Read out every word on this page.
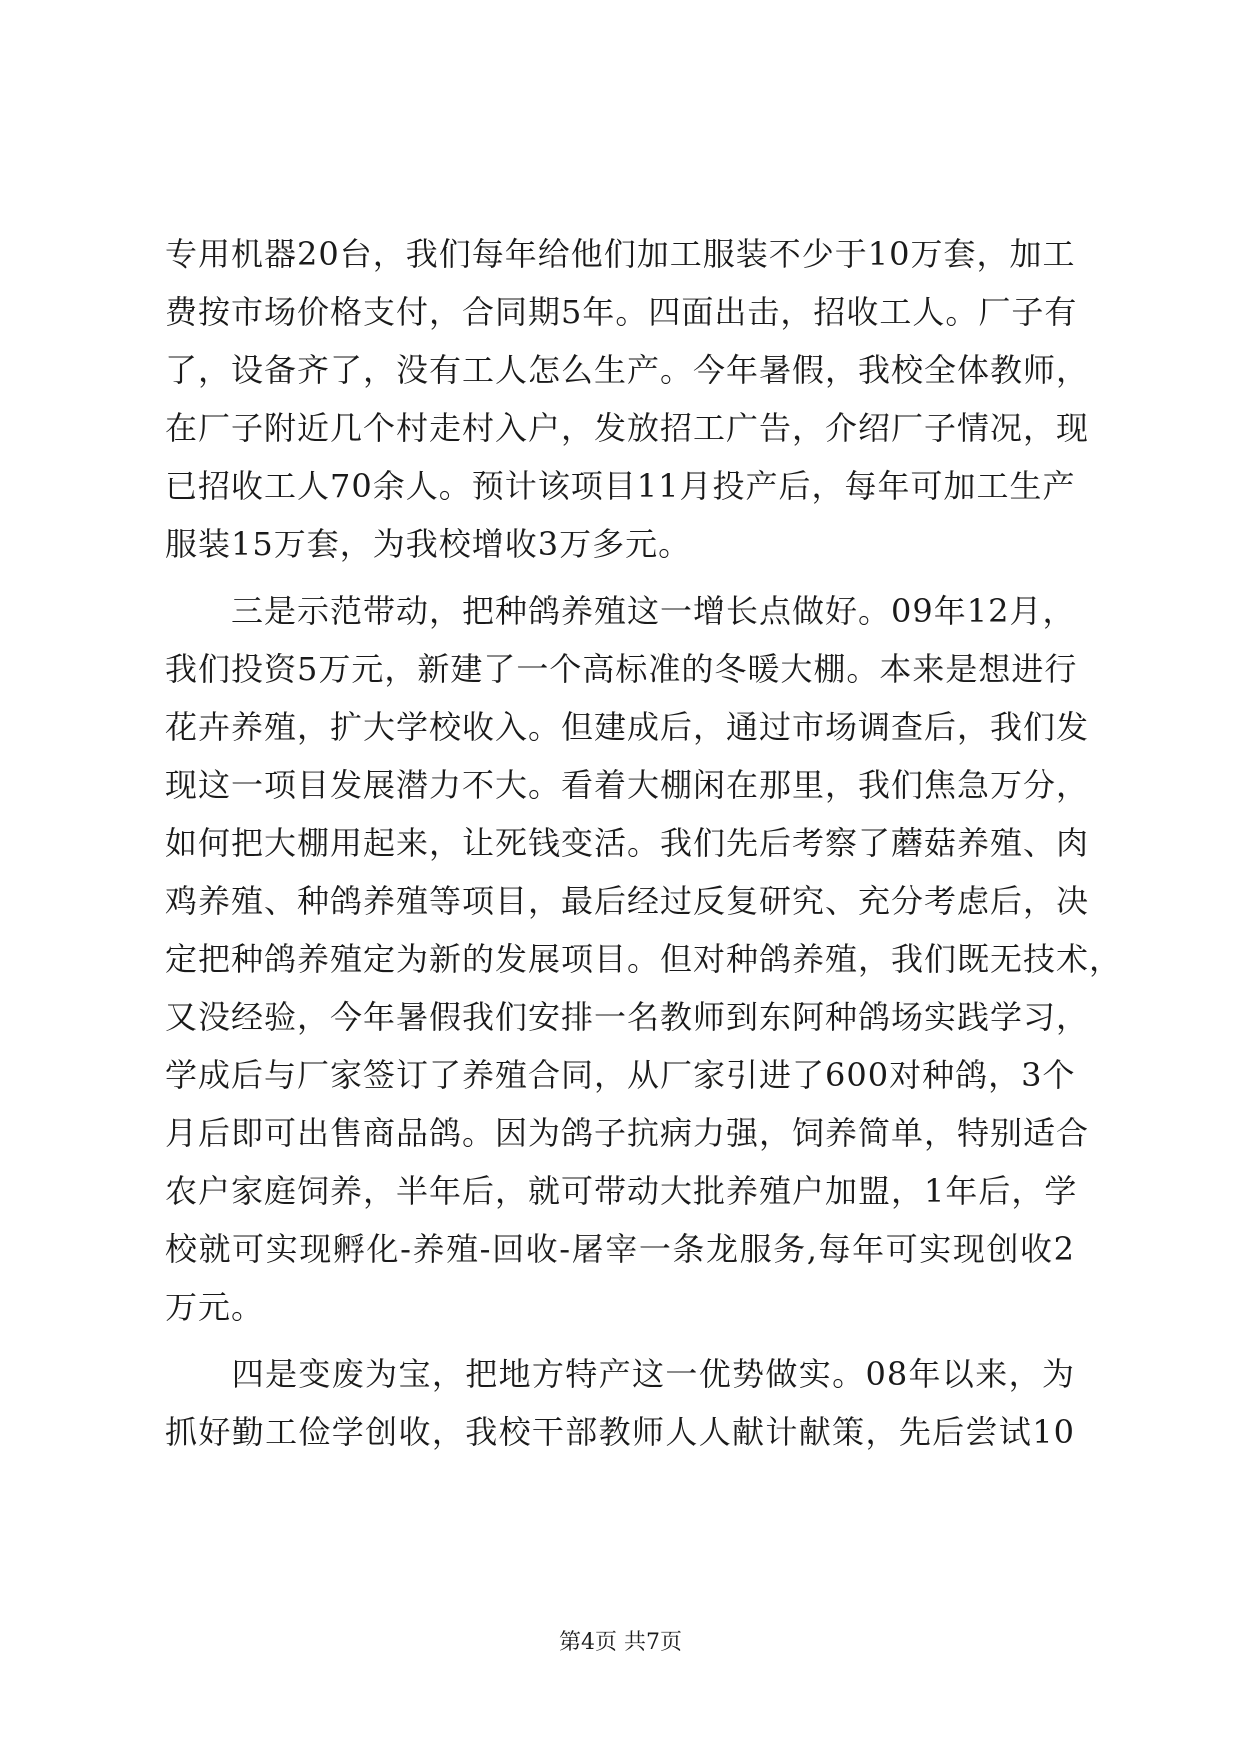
专用机器20台，我们每年给他们加工服装不少于10万套，加工
费按市场价格支付，合同期5年。四面出击，招收工人。厂子有
了，设备齐了，没有工人怎么生产。今年暑假，我校全体教师，
在厂子附近几个村走村入户，发放招工广告，介绍厂子情况，现
已招收工人70余人。预计该项目11月投产后，每年可加工生产
服装15万套，为我校增收3万多元。
　　三是示范带动，把种鸽养殖这一增长点做好。09年12月，
我们投资5万元，新建了一个高标准的冬暖大棚。本来是想进行
花卉养殖，扩大学校收入。但建成后，通过市场调查后，我们发
现这一项目发展潜力不大。看着大棚闲在那里，我们焦急万分，
如何把大棚用起来，让死钱变活。我们先后考察了蘑菇养殖、肉
鸡养殖、种鸽养殖等项目，最后经过反复研究、充分考虑后，决
定把种鸽养殖定为新的发展项目。但对种鸽养殖，我们既无技术，
又没经验，今年暑假我们安排一名教师到东阿种鸽场实践学习，
学成后与厂家签订了养殖合同，从厂家引进了600对种鸽，3个
月后即可出售商品鸽。因为鸽子抗病力强，饲养简单，特别适合
农户家庭饲养，半年后，就可带动大批养殖户加盟，1年后，学
校就可实现孵化-养殖-回收-屠宰一条龙服务,每年可实现创收2
万元。
　　四是变废为宝，把地方特产这一优势做实。08年以来，为
抓好勤工俭学创收，我校干部教师人人献计献策，先后尝试10
第4页 共7页
